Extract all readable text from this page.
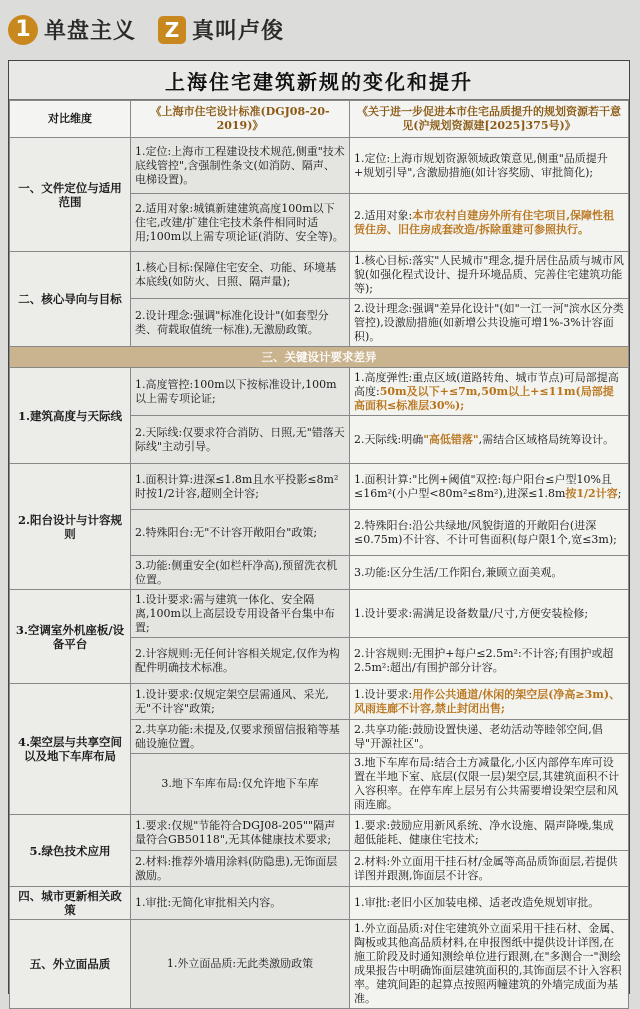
1 单盘主义	Z 真叫卢俊
上海住宅建筑新规的变化和提升
对比维度	《上海市住宅设计标准(DGJ08-20-2019)》	《关于进一步促进本市住宅品质提升的规划资源若干意见(沪规划资源建[2025]375号)》
一、文件定位与适用范围	1.定位:上海市工程建设技术规范,侧重"技术底线管控",含强制性条文(如消防、隔声、电梯设置)。	1.定位:上海市规划资源领域政策意见,侧重"品质提升+规划引导",含激励措施(如计容奖励、审批简化);
	2.适用对象:城镇新建建筑高度100m以下住宅,改建/扩建住宅技术条件相同时适用;100m以上需专项论证(消防、安全等)。	2.适用对象:本市农村自建房外所有住宅项目,保障性租赁住房、旧住房成套改造/拆除重建可参照执行。
二、核心导向与目标	1.核心目标:保障住宅安全、功能、环境基本底线(如防火、日照、隔声量);	1.核心目标:落实"人民城市"理念,提升居住品质与城市风貌(如强化程式设计、提升环境品质、完善住宅建筑功能等);
	2.设计理念:强调"标准化设计"(如套型分类、荷载取值统一标准),无激励政策。	2.设计理念:强调"差异化设计"(如"一江一河"滨水区分类管控),设激励措施(如新增公共设施可增1%-3%计容面积)。
三、关键设计要求差异		
1.建筑高度与天际线	1.高度管控:100m以下按标准设计,100m以上需专项论证;	1.高度弹性:重点区域(道路转角、城市节点)可局部提高高度:50m及以下+≤7m,50m以上+≤11m(局部提高面积≤标准层30%);
	2.天际线:仅要求符合消防、日照,无"错落天际线"主动引导。	2.天际线:明确"高低错落",需结合区域格局统筹设计。
2.阳台设计与计容规则	1.面积计算:进深≤1.8m且水平投影≤8m²时按1/2计容,超则全计容;	1.面积计算:"比例+阈值"双控:每户阳台≤户型10%且≤16m²(小户型<80m²≤8m²),进深≤1.8m按1/2计容;
	2.特殊阳台:无"不计容开敞阳台"政策;	2.特殊阳台:沿公共绿地/风貌街道的开敞阳台(进深≤0.75m)不计容、不计可售面积(每户限1个,宽≤3m);
	3.功能:侧重安全(如栏杆净高),预留洗衣机位置。	3.功能:区分生活/工作阳台,兼顾立面美观。
3.空调室外机座板/设备平台	1.设计要求:需与建筑一体化、安全隔离,100m以上高层设专用设备平台集中布置;	1.设计要求:需满足设备数量/尺寸,方便安装检修;
	2.计容规则:无任何计容相关规定,仅作为构配件明确技术标准。	2.计容规则:无围护+每户≤2.5m²:不计容;有围护或超2.5m²:超出/有围护部分计容。
4.架空层与共享空间以及地下车库布局	1.设计要求:仅规定架空层需通风、采光,无"不计容"政策;	1.设计要求:用作公共通道/休闲的架空层(净高≥3m)、风雨连廊不计容,禁止封闭出售;
	2.共享功能:未提及,仅要求预留信报箱等基础设施位置。	2.共享功能:鼓励设置快递、老幼活动等睦邻空间,倡导"开源社区"。
	3.地下车库布局:仅允许地下车库	3.地下车库布局:结合土方减量化,小区内部停车库可设置在半地下室、底层(仅限一层)架空层,其建筑面积不计入容积率。在停车库上层另有公共需要增设架空层和风雨连廊。
5.绿色技术应用	1.要求:仅规"节能符合DGJ08-205""隔声量符合GB50118",无其体健康技术要求;	1.要求:鼓励应用新风系统、净水设施、隔声降噪,集成超低能耗、健康住宅技术;
	2.材料:推荐外墙用涂料(防隐患),无饰面层激励。	2.材料:外立面用干挂石材/金属等高品质饰面层,若提供详图并跟测,饰面层不计容。
四、城市更新相关政策	1.审批:无简化审批相关内容。	1.审批:老旧小区加装电梯、适老改造免规划审批。
五、外立面品质	1.外立面品质:无此类激励政策	1.外立面品质:对住宅建筑外立面采用干挂石材、金属、陶板或其他高品质材料,在申报图纸中提供设计详图,在施工阶段及时通知测绘单位进行跟测,在"多测合一"测绘成果报告中明确饰面层建筑面积的,其饰面层不计入容积率。建筑间距的起算点按照两幢建筑的外墙完成面为基准。
